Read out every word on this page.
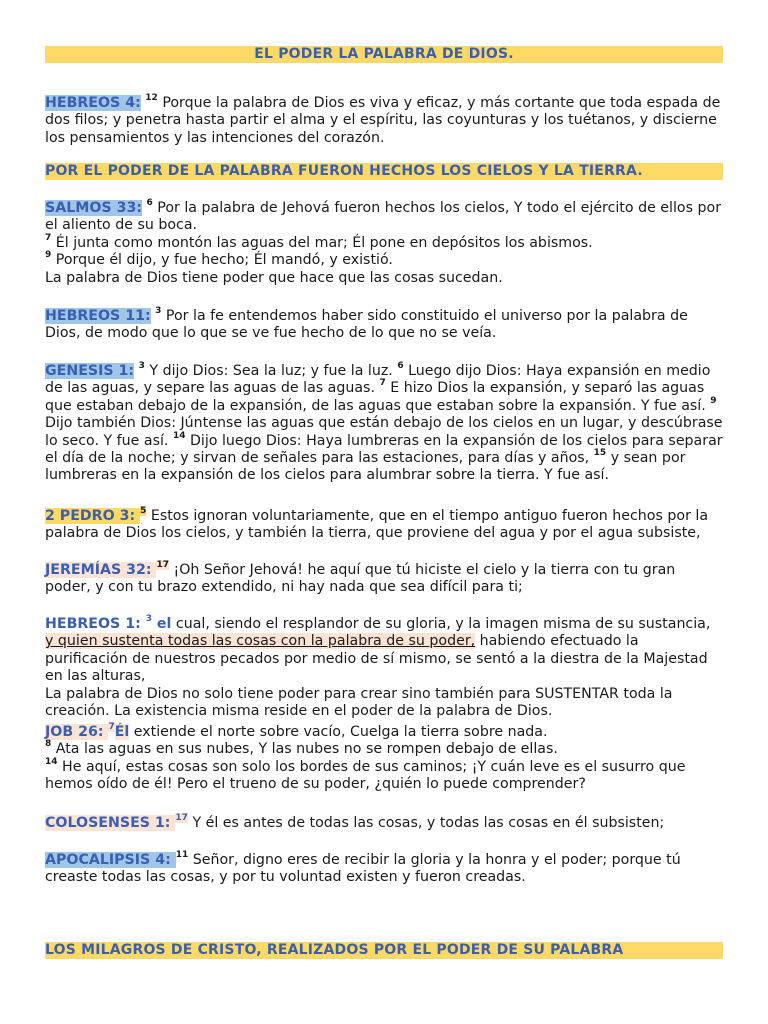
EL PODER LA PALABRA DE DIOS.
HEBREOS 4: $^{12}$ Porque la palabra de Dios es viva y eficaz, y más cortante que toda espada de dos filos; y penetra hasta partir el alma y el espíritu, las coyunturas y los tuétanos, y discierne los pensamientos y las intenciones del corazón.
POR EL PODER DE LA PALABRA FUERON HECHOS LOS CIELOS Y LA TIERRA.
SALMOS 33: $^6$ Por la palabra de Jehová fueron hechos los cielos, Y todo el ejército de ellos por el aliento de su boca.
$^7$ Él junta como montón las aguas del mar; Él pone en depósitos los abismos.
$^9$ Porque él dijo, y fue hecho; Él mandó, y existió.
La palabra de Dios tiene poder que hace que las cosas sucedan.
HEBREOS 11: $^3$ Por la fe entendemos haber sido constituido el universo por la palabra de Dios, de modo que lo que se ve fue hecho de lo que no se veía.
GENESIS 1: $^3$ Y dijo Dios: Sea la luz; y fue la luz. $^6$ Luego dijo Dios: Haya expansión en medio de las aguas, y separe las aguas de las aguas. $^7$ E hizo Dios la expansión, y separó las aguas que estaban debajo de la expansión, de las aguas que estaban sobre la expansión. Y fue así. $^9$ Dijo también Dios: Júntense las aguas que están debajo de los cielos en un lugar, y descúbrase lo seco. Y fue así. $^{14}$ Dijo luego Dios: Haya lumbreras en la expansión de los cielos para separar el día de la noche; y sirvan de señales para las estaciones, para días y años, $^{15}$ y sean por lumbreras en la expansión de los cielos para alumbrar sobre la tierra. Y fue así.
2 PEDRO 3: $^5$ Estos ignoran voluntariamente, que en el tiempo antiguo fueron hechos por la palabra de Dios los cielos, y también la tierra, que proviene del agua y por el agua subsiste,
JEREMÍAS 32: $^{17}$ ¡Oh Señor Jehová! he aquí que tú hiciste el cielo y la tierra con tu gran poder, y con tu brazo extendido, ni hay nada que sea difícil para ti;
HEBREOS 1: $^3$ el cual, siendo el resplandor de su gloria, y la imagen misma de su sustancia, y quien sustenta todas las cosas con la palabra de su poder, habiendo efectuado la purificación de nuestros pecados por medio de sí mismo, se sentó a la diestra de la Majestad en las alturas,
La palabra de Dios no solo tiene poder para crear sino también para SUSTENTAR toda la creación. La existencia misma reside en el poder de la palabra de Dios.
JOB 26: $^7$Él extiende el norte sobre vacío, Cuelga la tierra sobre nada.
$^8$ Ata las aguas en sus nubes, Y las nubes no se rompen debajo de ellas.
$^{14}$ He aquí, estas cosas son solo los bordes de sus caminos; ¡Y cuán leve es el susurro que hemos oído de él! Pero el trueno de su poder, ¿quién lo puede comprender?
COLOSENSES 1: $^{17}$ Y él es antes de todas las cosas, y todas las cosas en él subsisten;
APOCALIPSIS 4: $^{11}$ Señor, digno eres de recibir la gloria y la honra y el poder; porque tú creaste todas las cosas, y por tu voluntad existen y fueron creadas.
LOS MILAGROS DE CRISTO, REALIZADOS POR EL PODER DE SU PALABRA
